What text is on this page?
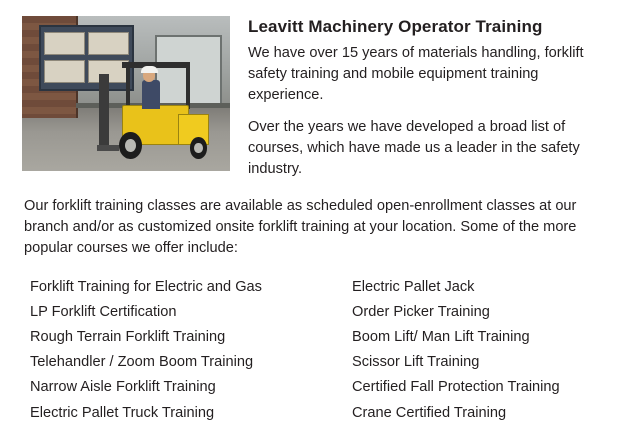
Leavitt Machinery Operator Training

We have over 15 years of materials handling, forklift safety training and mobile equipment training experience.

Over the years we have developed a broad list of courses, which have made us a leader in the safety industry.

Our forklift training classes are available as scheduled open-enrollment classes at our branch and/or as customized onsite forklift training at your location. Some of the more popular courses we offer include:

Forklift Training for Electric and Gas
LP Forklift Certification
Rough Terrain Forklift Training
Telehandler / Zoom Boom Training
Narrow Aisle Forklift Training
Electric Pallet Truck Training
Electric Pallet Jack
Order Picker Training
Boom Lift/ Man Lift Training
Scissor Lift Training
Certified Fall Protection Training
Crane Certified Training
